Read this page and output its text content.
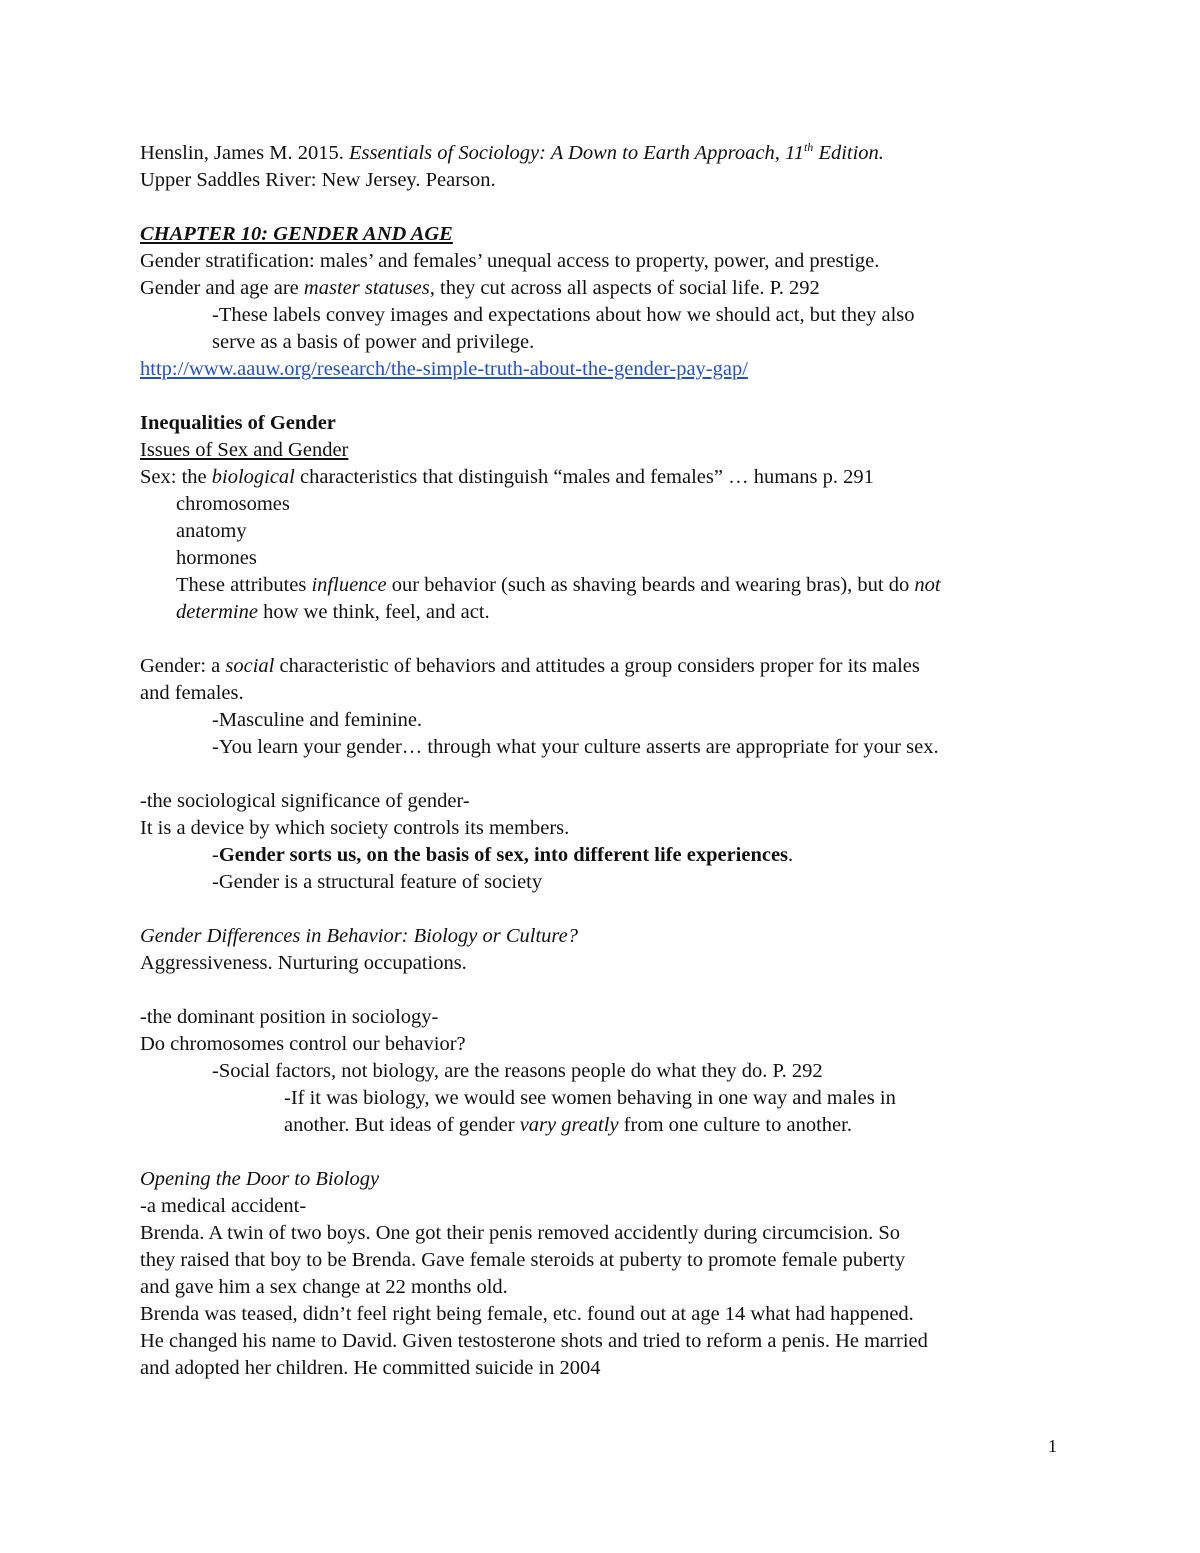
Henslin, James M. 2015. Essentials of Sociology: A Down to Earth Approach, 11th Edition.
Upper Saddles River: New Jersey. Pearson.
CHAPTER 10: GENDER AND AGE
Gender stratification: males’ and females’ unequal access to property, power, and prestige.
Gender and age are master statuses, they cut across all aspects of social life. P. 292
-These labels convey images and expectations about how we should act, but they also
serve as a basis of power and privilege.
http://www.aauw.org/research/the-simple-truth-about-the-gender-pay-gap/
Inequalities of Gender
Issues of Sex and Gender
Sex: the biological characteristics that distinguish “males and females” … humans p. 291
chromosomes
anatomy
hormones
These attributes influence our behavior (such as shaving beards and wearing bras), but do not
determine how we think, feel, and act.
Gender: a social characteristic of behaviors and attitudes a group considers proper for its males
and females.
-Masculine and feminine.
-You learn your gender… through what your culture asserts are appropriate for your sex.
-the sociological significance of gender-
It is a device by which society controls its members.
-Gender sorts us, on the basis of sex, into different life experiences.
-Gender is a structural feature of society
Gender Differences in Behavior: Biology or Culture?
Aggressiveness. Nurturing occupations.
-the dominant position in sociology-
Do chromosomes control our behavior?
-Social factors, not biology, are the reasons people do what they do. P. 292
-If it was biology, we would see women behaving in one way and males in
another. But ideas of gender vary greatly from one culture to another.
Opening the Door to Biology
-a medical accident-
Brenda. A twin of two boys. One got their penis removed accidently during circumcision. So
they raised that boy to be Brenda. Gave female steroids at puberty to promote female puberty
and gave him a sex change at 22 months old.
Brenda was teased, didn’t feel right being female, etc. found out at age 14 what had happened.
He changed his name to David. Given testosterone shots and tried to reform a penis. He married
and adopted her children. He committed suicide in 2004
1
